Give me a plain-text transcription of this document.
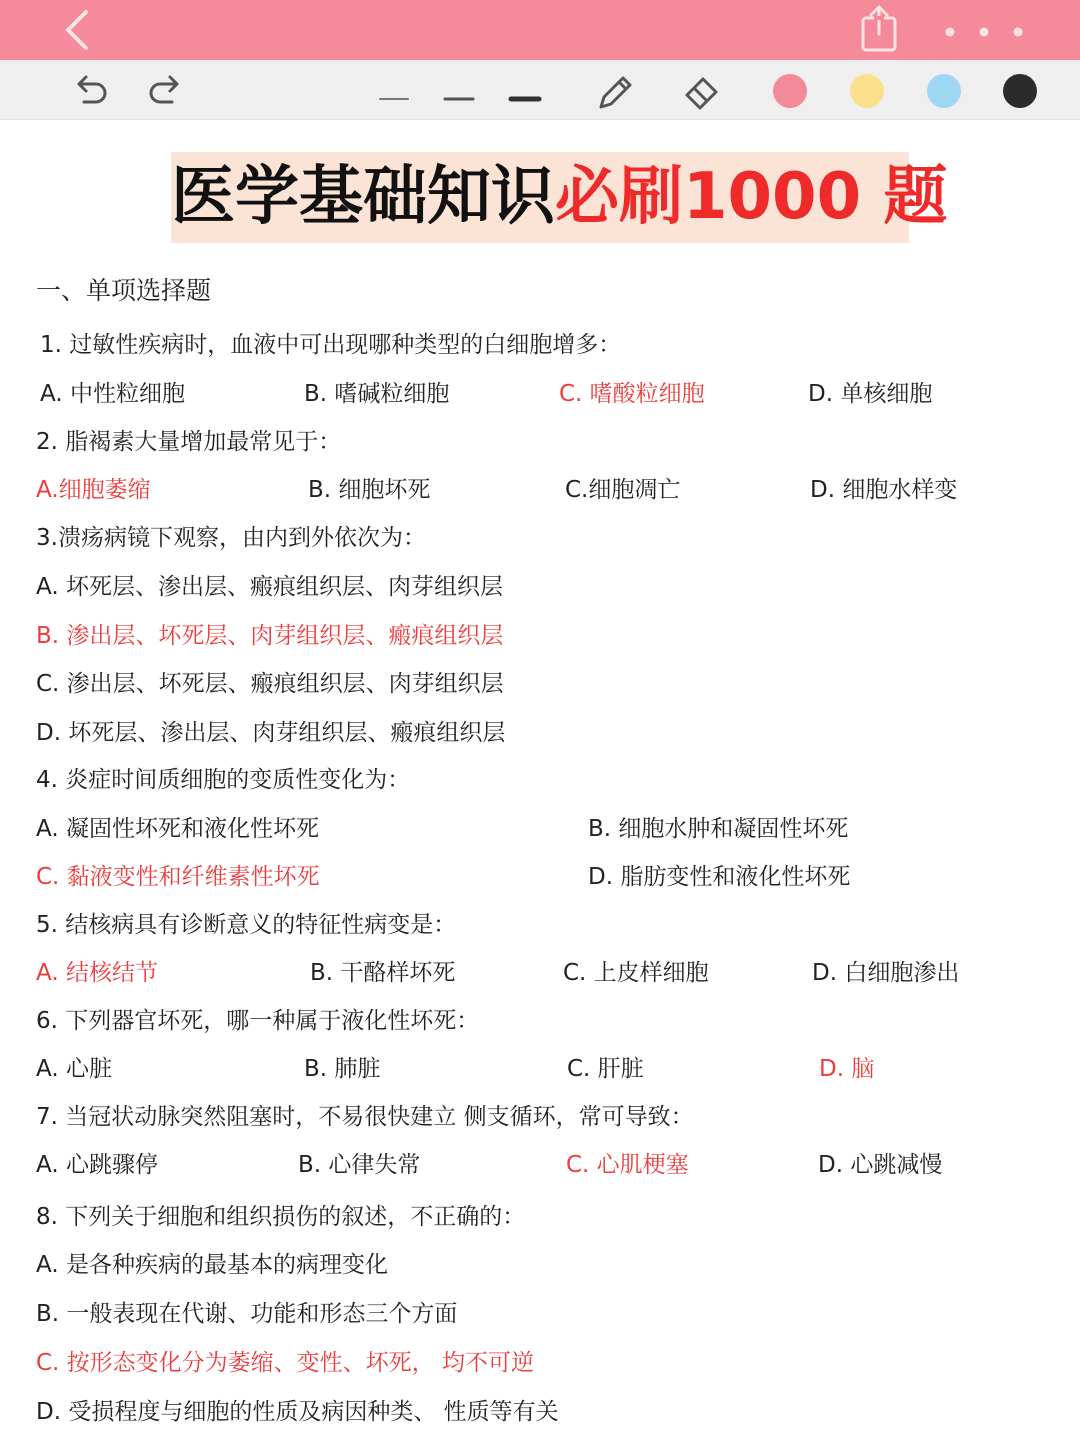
医学基础知识必刷1000 题
一、单项选择题
1. 过敏性疾病时，血液中可出现哪种类型的白细胞增多：
A. 中性粒细胞	B. 嗜碱粒细胞	C. 嗜酸粒细胞	D. 单核细胞
2. 脂褐素大量增加最常见于：
A.细胞萎缩	B. 细胞坏死	C.细胞凋亡	D. 细胞水样变
3.溃疡病镜下观察，由内到外依次为：
A. 坏死层、渗出层、瘢痕组织层、肉芽组织层
B. 渗出层、坏死层、肉芽组织层、瘢痕组织层
C. 渗出层、坏死层、瘢痕组织层、肉芽组织层
D. 坏死层、渗出层、肉芽组织层、瘢痕组织层
4. 炎症时间质细胞的变质性变化为：
A. 凝固性坏死和液化性坏死	B. 细胞水肿和凝固性坏死
C. 黏液变性和纤维素性坏死	D. 脂肪变性和液化性坏死
5. 结核病具有诊断意义的特征性病变是：
A. 结核结节	B. 干酪样坏死	C. 上皮样细胞	D. 白细胞渗出
6. 下列器官坏死，哪一种属于液化性坏死：
A. 心脏	B. 肺脏	C. 肝脏	D. 脑
7. 当冠状动脉突然阻塞时，不易很快建立 侧支循环，常可导致：
A. 心跳骤停	B. 心律失常	C. 心肌梗塞	D. 心跳减慢
8. 下列关于细胞和组织损伤的叙述，不正确的：
A. 是各种疾病的最基本的病理变化
B. 一般表现在代谢、功能和形态三个方面
C. 按形态变化分为萎缩、变性、坏死， 均不可逆
D. 受损程度与细胞的性质及病因种类、 性质等有关
